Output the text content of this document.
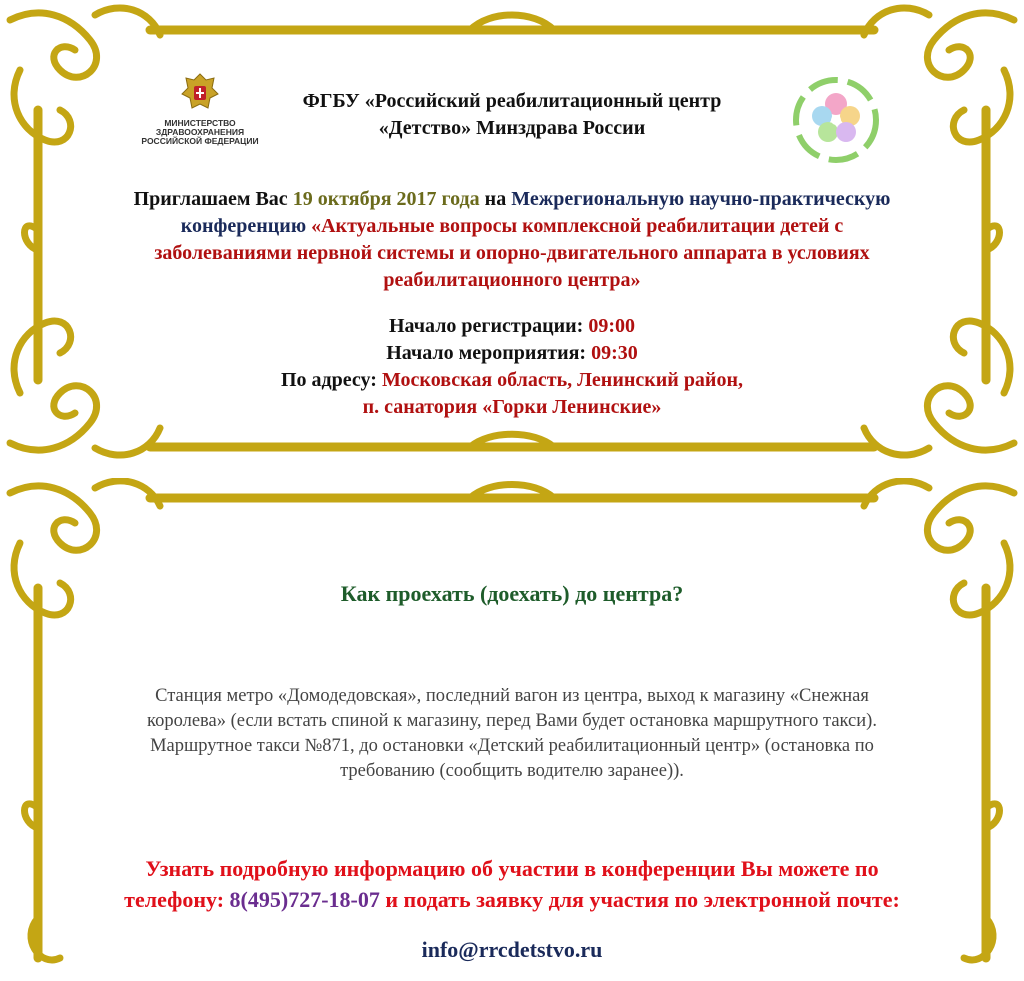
МИНИСТЕРСТВО
ЗДРАВООХРАНЕНИЯ
РОССИЙСКОЙ ФЕДЕРАЦИИ
ФГБУ «Российский реабилитационный центр
«Детство» Минздрава России
Приглашаем Вас 19 октября 2017 года на Межрегиональную научно-практическую конференцию «Актуальные вопросы комплексной реабилитации детей с заболеваниями нервной системы и опорно-двигательного аппарата в условиях реабилитационного центра»
Начало регистрации: 09:00
Начало мероприятия: 09:30
По адресу: Московская область, Ленинский район,
п. санатория «Горки Ленинские»
Как проехать (доехать) до центра?
Станция метро «Домодедовская», последний вагон из центра, выход к магазину «Снежная
королева» (если встать спиной к магазину, перед Вами будет остановка маршрутного такси).
Маршрутное такси №871, до остановки «Детский реабилитационный центр» (остановка по
требованию (сообщить водителю заранее)).
Узнать подробную информацию об участии в конференции Вы можете по
телефону: 8(495)727-18-07 и подать заявку для участия по электронной почте:
info@rrcdetstvo.ru
